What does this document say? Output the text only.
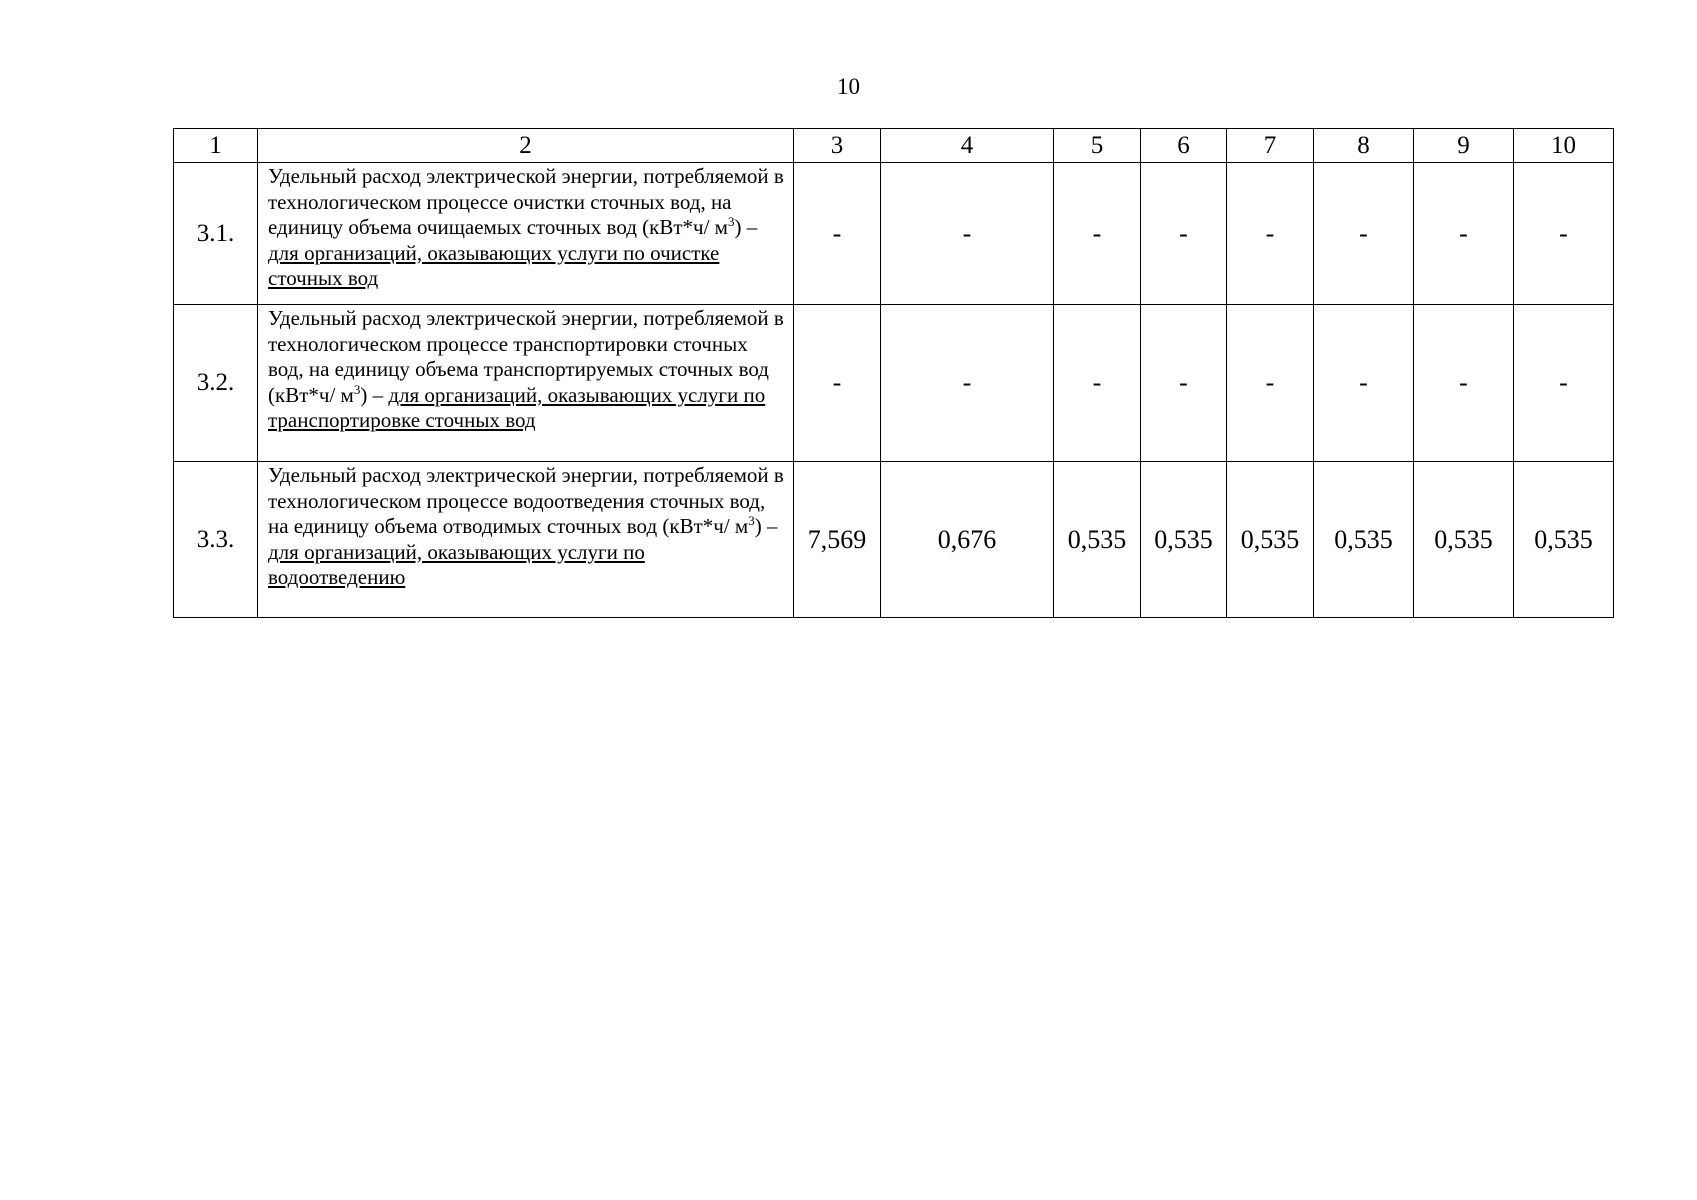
10
1	2	3	4	5	6	7	8	9	10
3.1.	Удельный расход электрической энергии, потребляемой в технологическом процессе очистки сточных вод, на единицу объема очищаемых сточных вод (кВт*ч/ $м^3$) – для организаций, оказывающих услуги по очистке сточных вод	-	-	-	-	-	-	-	-
3.2.	Удельный расход электрической энергии, потребляемой в технологическом процессе транспортировки сточных вод, на единицу объема транспортируемых сточных вод (кВт*ч/ $м^3$) – для организаций, оказывающих услуги по транспортировке сточных вод	-	-	-	-	-	-	-	-
3.3.	Удельный расход электрической энергии, потребляемой в технологическом процессе водоотведения сточных вод, на единицу объема отводимых сточных вод (кВт*ч/ $м^3$) – для организаций, оказывающих услуги по водоотведению	7,569	0,676	0,535	0,535	0,535	0,535	0,535	0,535
